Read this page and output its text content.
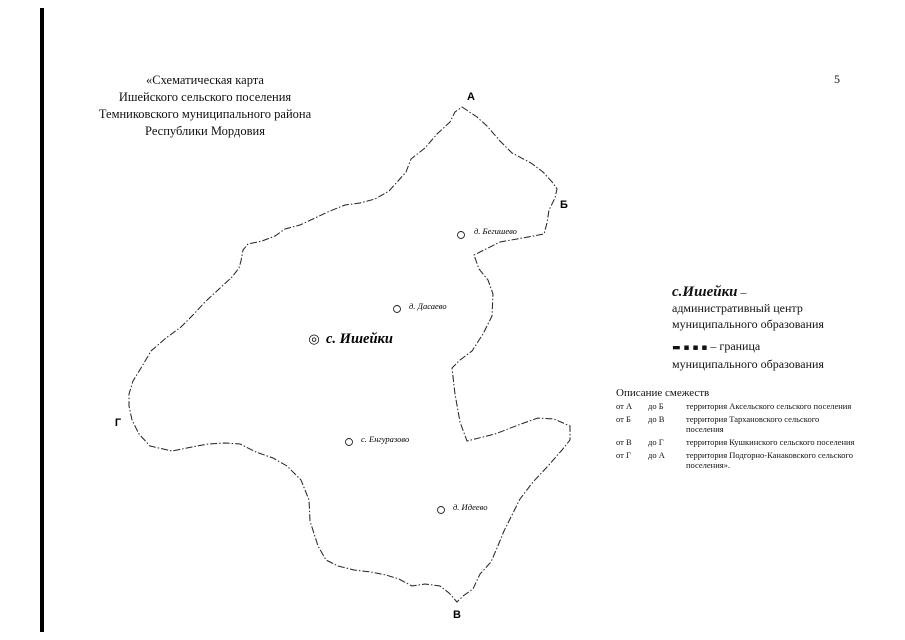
«Схематическая карта
Ишейского сельского поселения
Темниковского муниципального района
Республики Мордовия
5
А
Б
В
Г
◎ с. Ишейки
д. Бегишево
д. Дасаево
с. Енгуразово
д. Идеево
с.Ишейки –
административный центр
муниципального образования
▬ ▪ ▪ ▪ – граница
муниципального образования
Описание смежеств
от А	до Б	территория Аксельского сельского поселения
от Б	до В	территория Тархановского сельского поселения
от В	до Г	территория Кушкинского сельского поселения
от Г	до А	территория Подгорно-Канаковского сельского поселения».
